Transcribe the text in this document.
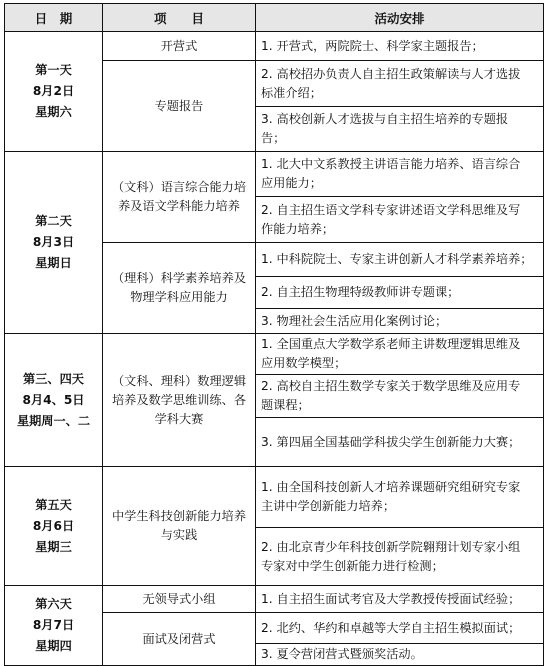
日　期	项　　目	活动安排

第一天
8月2日
星期六	开营式	1. 开营式，两院院士、科学家主题报告；
	专题报告	2. 高校招办负责人自主招生政策解读与人才选拔
标准介绍；

		3. 高校创新人才选拔与自主招生培养的专题报
告；

第二天
8月3日
星期日	（文科）语言综合能力培
养及语文学科能力培养	1. 北大中文系教授主讲语言能力培养、语言综合
应用能力；

		2. 自主招生语文学科专家讲述语文学科思维及写
作能力培养；

	（理科）科学素养培养及
物理学科应用能力	1. 中科院院士、专家主讲创新人才科学素养培养；
		2. 自主招生物理特级教师讲专题课；
		3. 物理社会生活应用化案例讨论；

第三、四天
8月4、5日
星期周一、二	（文科、理科）数理逻辑
培养及数学思维训练、各
学科大赛	1. 全国重点大学数学系老师主讲数理逻辑思维及
应用数学模型；

		2. 高校自主招生数学专家关于数学思维及应用专
题课程；

		3. 第四届全国基础学科拔尖学生创新能力大赛；

第五天
8月6日
星期三	中学生科技创新能力培养
与实践	1. 由全国科技创新人才培养课题研究组研究专家
主讲中学创新能力培养；

		2. 由北京青少年科技创新学院翱翔计划专家小组
专家对中学生创新能力进行检测；

第六天
8月7日
星期四	无领导式小组	1. 自主招生面试考官及大学教授传授面试经验；
	面试及闭营式	2. 北约、华约和卓越等大学自主招生模拟面试；
		3. 夏令营闭营式暨颁奖活动。
